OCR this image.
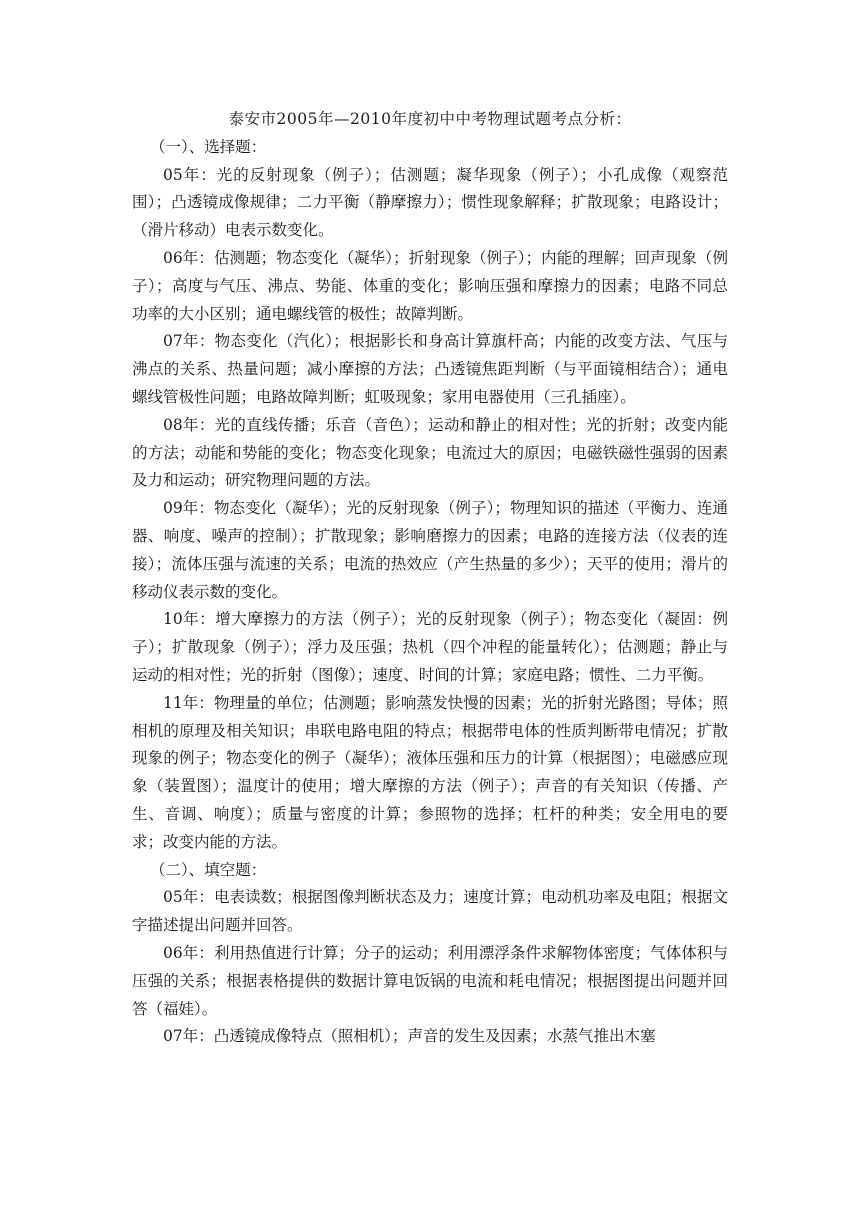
泰安市2005年—2010年度初中中考物理试题考点分析：

（一）、选择题：

05年：光的反射现象（例子）；估测题；凝华现象（例子）；小孔成像（观察范围）；凸透镜成像规律；二力平衡（静摩擦力）；惯性现象解释；扩散现象；电路设计；（滑片移动）电表示数变化。

06年：估测题；物态变化（凝华）；折射现象（例子）；内能的理解；回声现象（例子）；高度与气压、沸点、势能、体重的变化；影响压强和摩擦力的因素；电路不同总功率的大小区别；通电螺线管的极性；故障判断。

07年：物态变化（汽化）；根据影长和身高计算旗杆高；内能的改变方法、气压与沸点的关系、热量问题；减小摩擦的方法；凸透镜焦距判断（与平面镜相结合）；通电螺线管极性问题；电路故障判断；虹吸现象；家用电器使用（三孔插座）。

08年：光的直线传播；乐音（音色）；运动和静止的相对性；光的折射；改变内能的方法；动能和势能的变化；物态变化现象；电流过大的原因；电磁铁磁性强弱的因素及力和运动；研究物理问题的方法。

09年：物态变化（凝华）；光的反射现象（例子）；物理知识的描述（平衡力、连通器、响度、噪声的控制）；扩散现象；影响磨擦力的因素；电路的连接方法（仪表的连接）；流体压强与流速的关系；电流的热效应（产生热量的多少）；天平的使用；滑片的移动仪表示数的变化。

10年：增大摩擦力的方法（例子）；光的反射现象（例子）；物态变化（凝固：例子）；扩散现象（例子）；浮力及压强；热机（四个冲程的能量转化）；估测题；静止与运动的相对性；光的折射（图像）；速度、时间的计算；家庭电路；惯性、二力平衡。

11年：物理量的单位；估测题；影响蒸发快慢的因素；光的折射光路图；导体；照相机的原理及相关知识；串联电路电阻的特点；根据带电体的性质判断带电情况；扩散现象的例子；物态变化的例子（凝华）；液体压强和压力的计算（根据图）；电磁感应现象（装置图）；温度计的使用；增大摩擦的方法（例子）；声音的有关知识（传播、产生、音调、响度）；质量与密度的计算；参照物的选择；杠杆的种类；安全用电的要求；改变内能的方法。

（二）、填空题：

05年：电表读数；根据图像判断状态及力；速度计算；电动机功率及电阻；根据文字描述提出问题并回答。

06年：利用热值进行计算；分子的运动；利用漂浮条件求解物体密度；气体体积与压强的关系；根据表格提供的数据计算电饭锅的电流和耗电情况；根据图提出问题并回答（福娃）。

07年：凸透镜成像特点（照相机）；声音的发生及因素；水蒸气推出木塞
